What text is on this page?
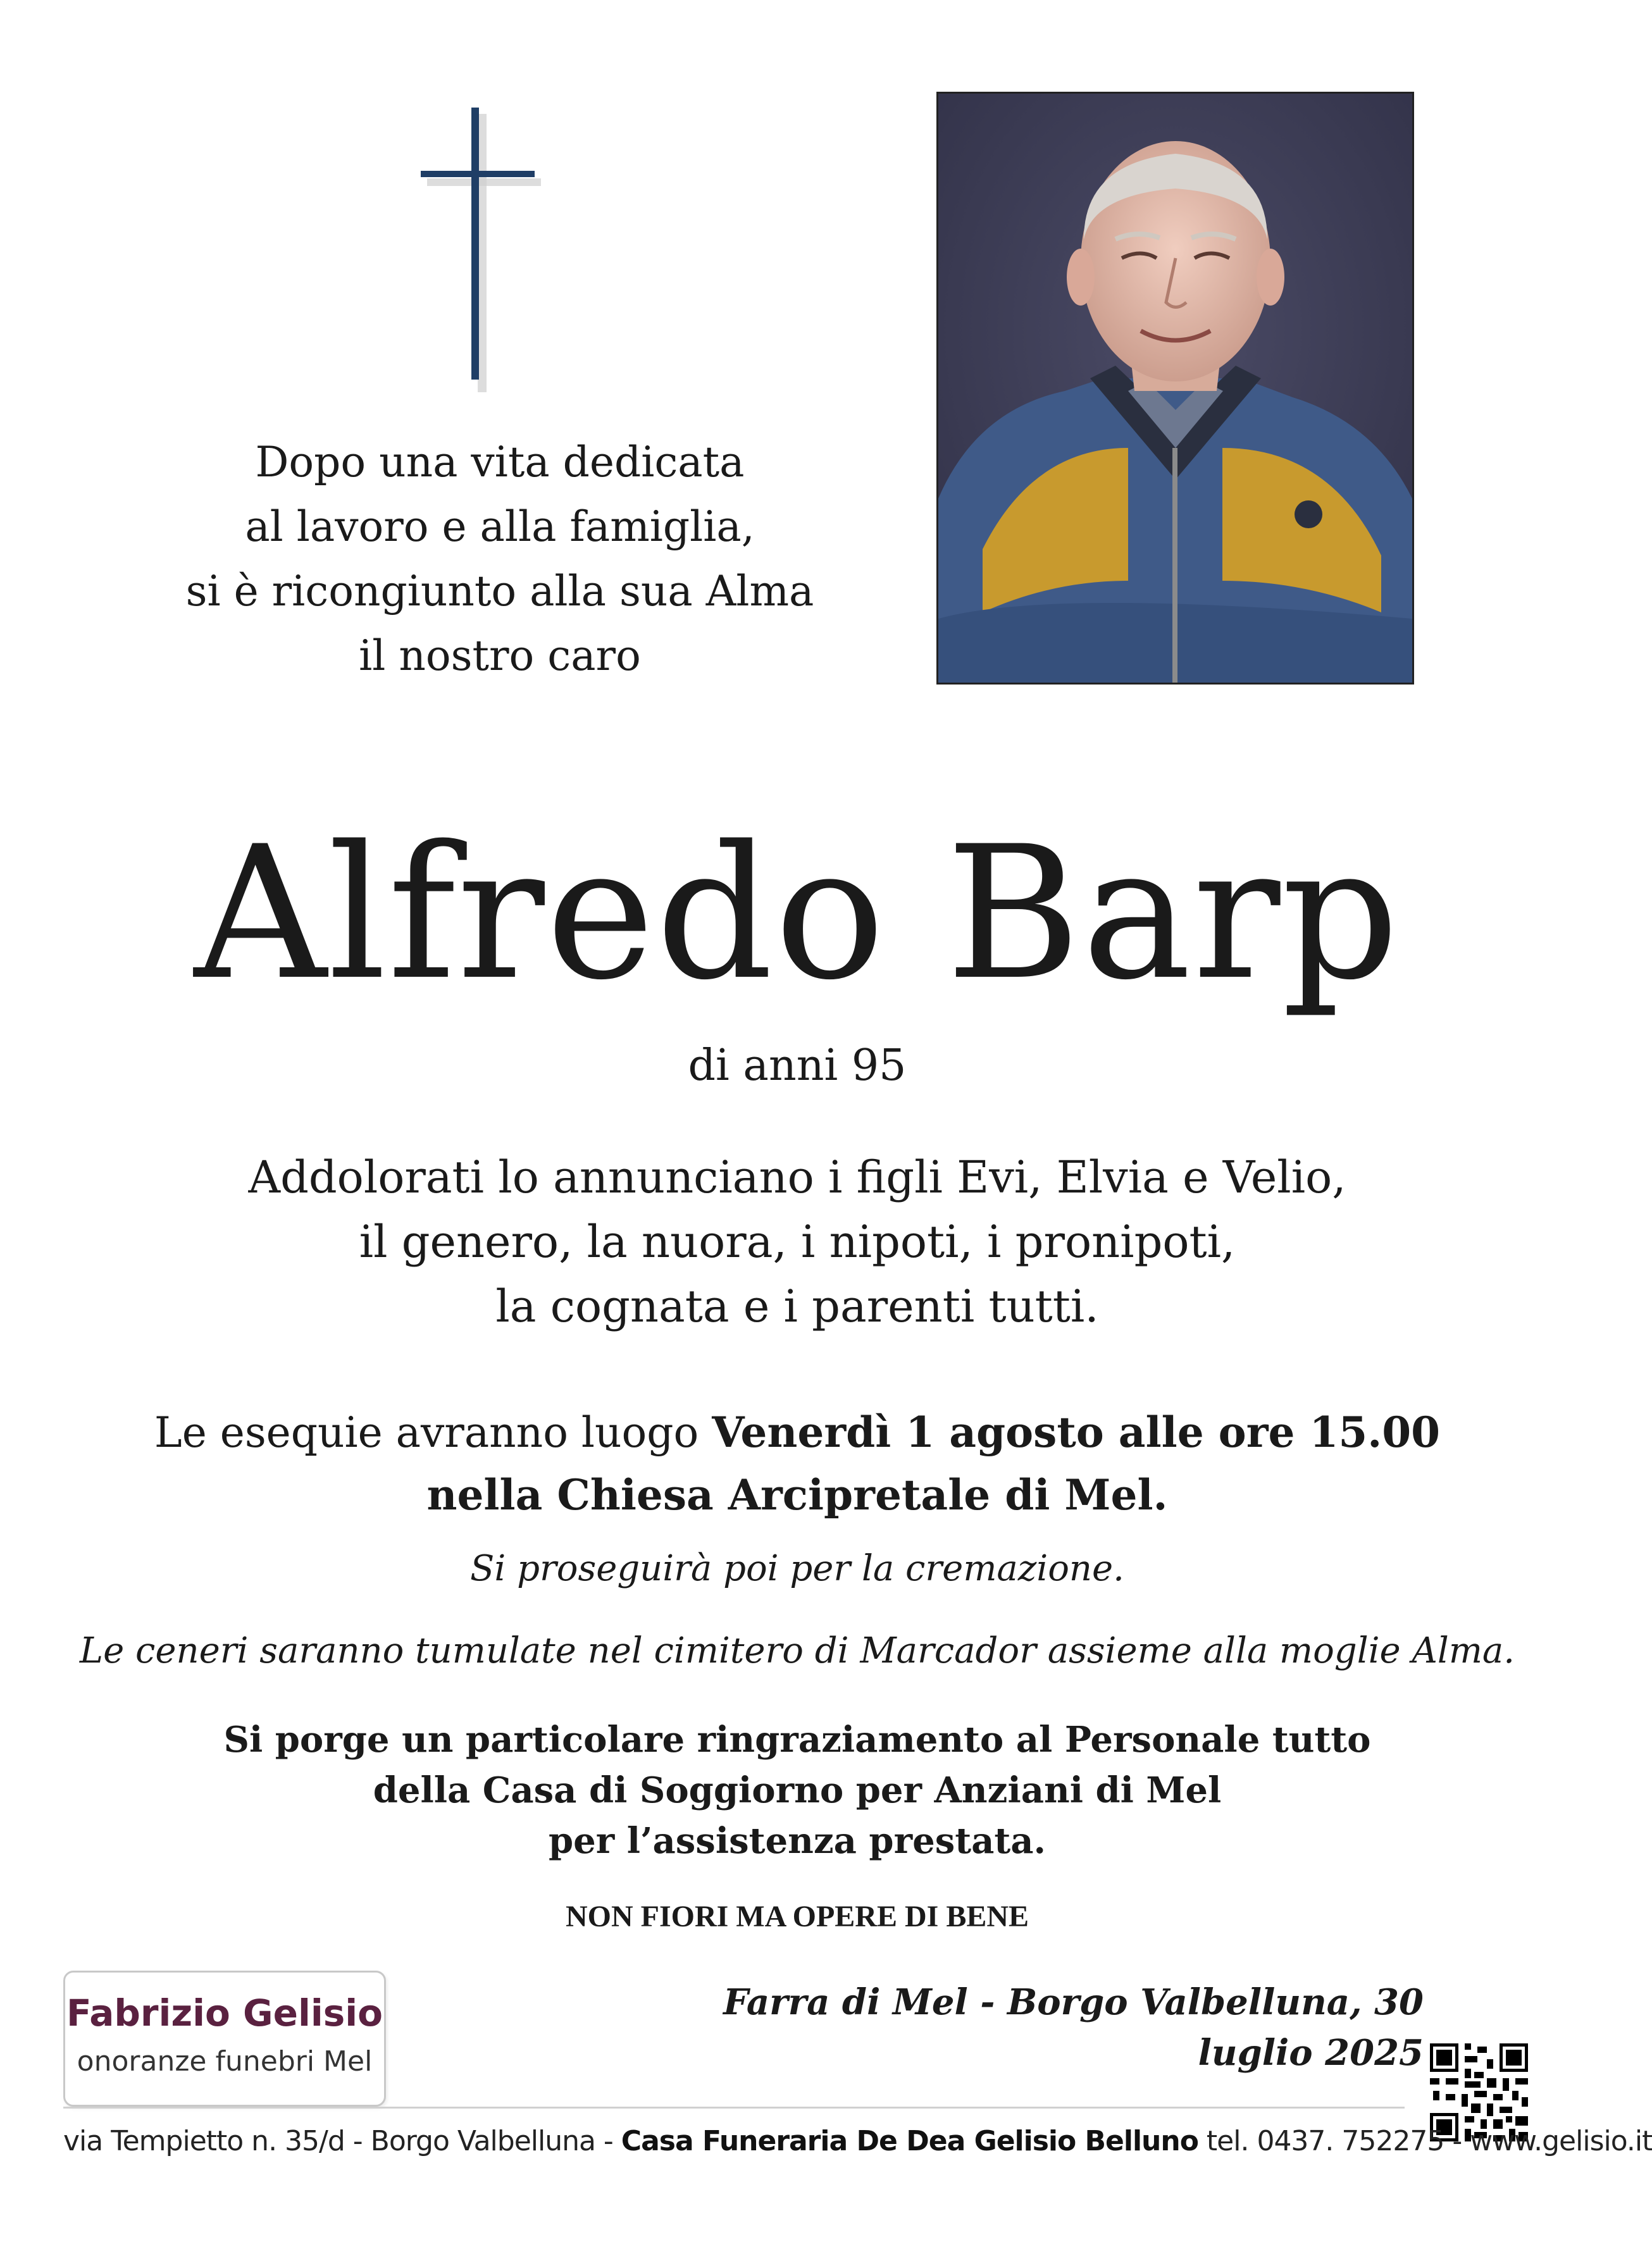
Dopo una vita dedicata
al lavoro e alla famiglia,
si è ricongiunto alla sua Alma
il nostro caro
Alfredo Barp
di anni 95
Addolorati lo annunciano i figli Evi, Elvia e Velio,
il genero, la nuora, i nipoti, i pronipoti,
la cognata e i parenti tutti.
Le esequie avranno luogo Venerdì 1 agosto alle ore 15.00
nella Chiesa Arcipretale di Mel.
Si proseguirà poi per la cremazione.
Le ceneri saranno tumulate nel cimitero di Marcador assieme alla moglie Alma.
Si porge un particolare ringraziamento al Personale tutto
della Casa di Soggiorno per Anziani di Mel
per l’assistenza prestata.
NON FIORI MA OPERE DI BENE
Farra di Mel - Borgo Valbelluna, 30 luglio 2025
Fabrizio Gelisio
onoranze funebri Mel
via Tempietto n. 35/d - Borgo Valbelluna - Casa Funeraria De Dea Gelisio Belluno tel. 0437. 752275 - www.gelisio.it
